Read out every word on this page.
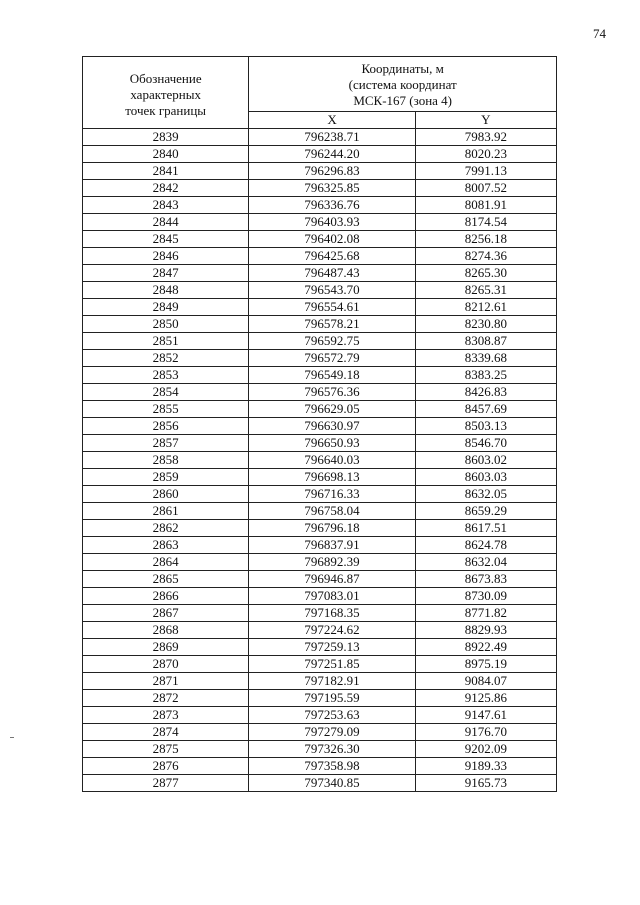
74
Обозначение
характерных
точек границы	Координаты, м
(система координат
МСК-167 (зона 4)	

	X	Y
2839	796238.71	7983.92
2840	796244.20	8020.23
2841	796296.83	7991.13
2842	796325.85	8007.52
2843	796336.76	8081.91
2844	796403.93	8174.54
2845	796402.08	8256.18
2846	796425.68	8274.36
2847	796487.43	8265.30
2848	796543.70	8265.31
2849	796554.61	8212.61
2850	796578.21	8230.80
2851	796592.75	8308.87
2852	796572.79	8339.68
2853	796549.18	8383.25
2854	796576.36	8426.83
2855	796629.05	8457.69
2856	796630.97	8503.13
2857	796650.93	8546.70
2858	796640.03	8603.02
2859	796698.13	8603.03
2860	796716.33	8632.05
2861	796758.04	8659.29
2862	796796.18	8617.51
2863	796837.91	8624.78
2864	796892.39	8632.04
2865	796946.87	8673.83
2866	797083.01	8730.09
2867	797168.35	8771.82
2868	797224.62	8829.93
2869	797259.13	8922.49
2870	797251.85	8975.19
2871	797182.91	9084.07
2872	797195.59	9125.86
2873	797253.63	9147.61
2874	797279.09	9176.70
2875	797326.30	9202.09
2876	797358.98	9189.33
2877	797340.85	9165.73
